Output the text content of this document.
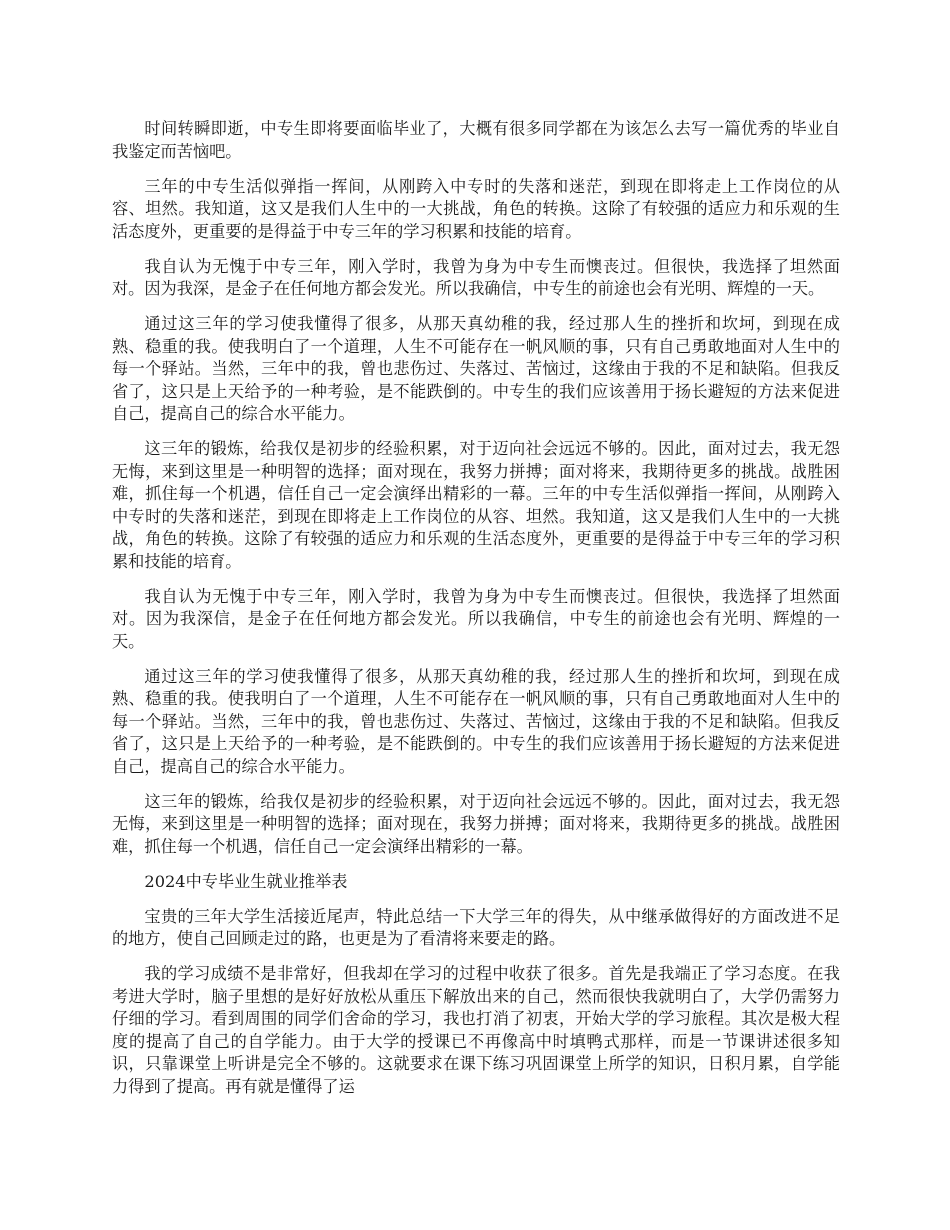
时间转瞬即逝，中专生即将要面临毕业了，大概有很多同学都在为该怎么去写一篇优秀的毕业自我鉴定而苦恼吧。

三年的中专生活似弹指一挥间，从刚跨入中专时的失落和迷茫，到现在即将走上工作岗位的从容、坦然。我知道，这又是我们人生中的一大挑战，角色的转换。这除了有较强的适应力和乐观的生活态度外，更重要的是得益于中专三年的学习积累和技能的培育。

我自认为无愧于中专三年，刚入学时，我曾为身为中专生而懊丧过。但很快，我选择了坦然面对。因为我深，是金子在任何地方都会发光。所以我确信，中专生的前途也会有光明、辉煌的一天。

通过这三年的学习使我懂得了很多，从那天真幼稚的我，经过那人生的挫折和坎坷，到现在成熟、稳重的我。使我明白了一个道理，人生不可能存在一帆风顺的事，只有自己勇敢地面对人生中的每一个驿站。当然，三年中的我，曾也悲伤过、失落过、苦恼过，这缘由于我的不足和缺陷。但我反省了，这只是上天给予的一种考验，是不能跌倒的。中专生的我们应该善用于扬长避短的方法来促进自己，提高自己的综合水平能力。

这三年的锻炼，给我仅是初步的经验积累，对于迈向社会远远不够的。因此，面对过去，我无怨无悔，来到这里是一种明智的选择；面对现在，我努力拼搏；面对将来，我期待更多的挑战。战胜困难，抓住每一个机遇，信任自己一定会演绎出精彩的一幕。三年的中专生活似弹指一挥间，从刚跨入中专时的失落和迷茫，到现在即将走上工作岗位的从容、坦然。我知道，这又是我们人生中的一大挑战，角色的转换。这除了有较强的适应力和乐观的生活态度外，更重要的是得益于中专三年的学习积累和技能的培育。

我自认为无愧于中专三年，刚入学时，我曾为身为中专生而懊丧过。但很快，我选择了坦然面对。因为我深信，是金子在任何地方都会发光。所以我确信，中专生的前途也会有光明、辉煌的一天。

通过这三年的学习使我懂得了很多，从那天真幼稚的我，经过那人生的挫折和坎坷，到现在成熟、稳重的我。使我明白了一个道理，人生不可能存在一帆风顺的事，只有自己勇敢地面对人生中的每一个驿站。当然，三年中的我，曾也悲伤过、失落过、苦恼过，这缘由于我的不足和缺陷。但我反省了，这只是上天给予的一种考验，是不能跌倒的。中专生的我们应该善用于扬长避短的方法来促进自己，提高自己的综合水平能力。

这三年的锻炼，给我仅是初步的经验积累，对于迈向社会远远不够的。因此，面对过去，我无怨无悔，来到这里是一种明智的选择；面对现在，我努力拼搏；面对将来，我期待更多的挑战。战胜困难，抓住每一个机遇，信任自己一定会演绎出精彩的一幕。

2024中专毕业生就业推举表

宝贵的三年大学生活接近尾声，特此总结一下大学三年的得失，从中继承做得好的方面改进不足的地方，使自己回顾走过的路，也更是为了看清将来要走的路。

我的学习成绩不是非常好，但我却在学习的过程中收获了很多。首先是我端正了学习态度。在我考进大学时，脑子里想的是好好放松从重压下解放出来的自己，然而很快我就明白了，大学仍需努力仔细的学习。看到周围的同学们舍命的学习，我也打消了初衷，开始大学的学习旅程。其次是极大程度的提高了自己的自学能力。由于大学的授课已不再像高中时填鸭式那样，而是一节课讲述很多知识，只靠课堂上听讲是完全不够的。这就要求在课下练习巩固课堂上所学的知识，日积月累，自学能力得到了提高。再有就是懂得了运
